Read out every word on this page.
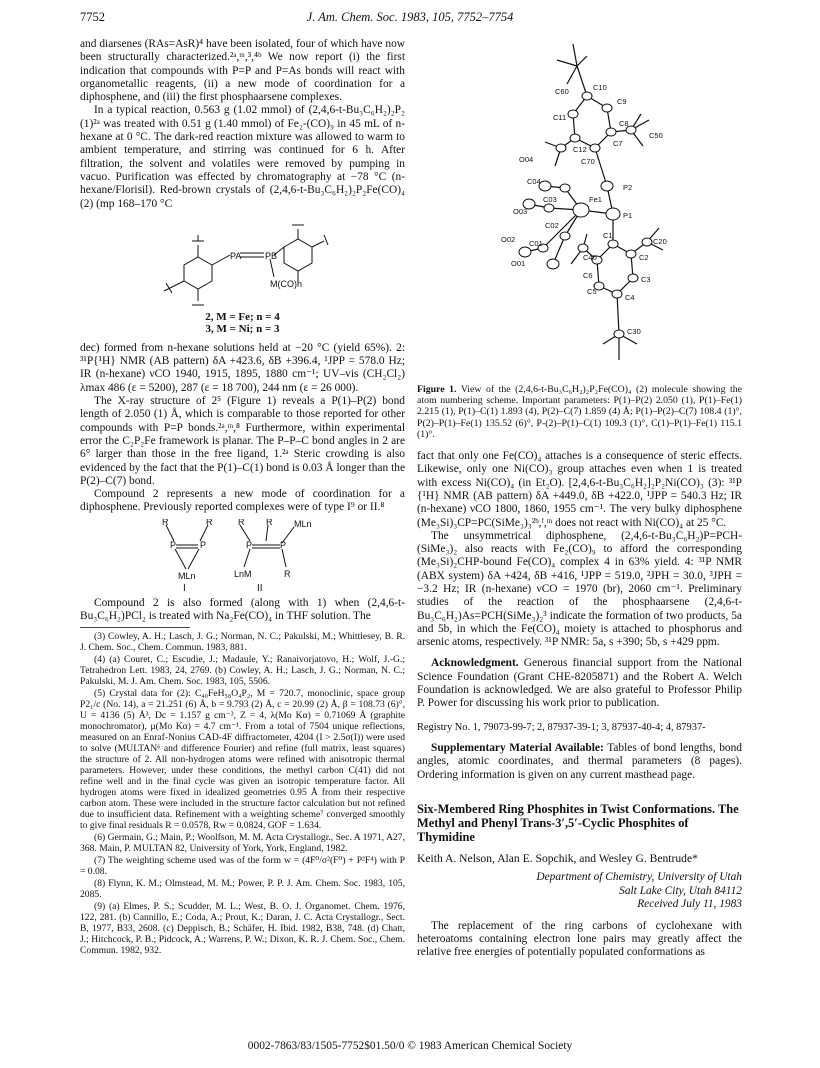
7752	J. Am. Chem. Soc. 1983, 105, 7752–7754

and diarsenes (RAs=AsR)⁴ have been isolated, four of which have now been structurally characterized.²ᵃ,ᵐ,³,⁴ᵇ We now report (i) the first indication that compounds with P=P and P=As bonds will react with organometallic reagents, (ii) a new mode of coordination for a diphosphene, and (iii) the first phosphaarsene complexes.

In a typical reaction, 0.563 g (1.02 mmol) of (2,4,6-t-Bu₃C₆H₂)₂P₂ (1)²ᵃ was treated with 0.51 g (1.40 mmol) of Fe₂-(CO)₉ in 45 mL of n-hexane at 0 °C. The dark-red reaction mixture was allowed to warm to ambient temperature, and stirring was continued for 6 h. After filtration, the solvent and volatiles were removed by pumping in vacuo. Purification was effected by chromatography at −78 °C (n-hexane/Florisil). Red-brown crystals of (2,4,6-t-Bu₃C₆H₂)₂P₂Fe(CO)₄ (2) (mp 168–170 °C

PA	PB
M(CO)n
2, M = Fe; n = 4
3, M = Ni; n = 3

dec) formed from n-hexane solutions held at −20 °C (yield 65%). 2: ³¹P{¹H} NMR (AB pattern) δA +423.6, δB +396.4, ¹JPP = 578.0 Hz; IR (n-hexane) νCO 1940, 1915, 1895, 1880 cm⁻¹; UV–vis (CH₂Cl₂) λmax 486 (ε = 5200), 287 (ε = 18 700), 244 nm (ε = 26 000).

The X-ray structure of 2⁵ (Figure 1) reveals a P(1)–P(2) bond length of 2.050 (1) Å, which is comparable to those reported for other compounds with P=P bonds.²ᵃ,ᵐ,⁸ Furthermore, within experimental error the C₂P₂Fe framework is planar. The P–P–C bond angles in 2 are 6° larger than those in the free ligand, 1.²ᵃ Steric crowding is also evidenced by the fact that the P(1)–C(1) bond is 0.03 Å longer than the P(2)–C(7) bond.

Compound 2 represents a new mode of coordination for a diphosphene. Previously reported complexes were of type I⁹ or II.⁸

R	R
P	P
MLn
R R
P	P
MLn
LnM	R
I	II

Compound 2 is also formed (along with 1) when (2,4,6-t-Bu₃C₆H₂)PCl₂ is treated with Na₂Fe(CO)₄ in THF solution. The

(3) Cowley, A. H.; Lasch, J. G.; Norman, N. C.; Pakulski, M.; Whittlesey, B. R. J. Chem. Soc., Chem. Commun. 1983, 881.

(4) (a) Couret, C.; Escudie, J.; Madaule, Y.; Ranaivorjatovo, H.; Wolf, J.-G.; Tetrahedron Lett. 1983, 24, 2769. (b) Cowley, A. H.; Lasch, J. G.; Norman, N. C.; Pakulski, M. J. Am. Chem. Soc. 1983, 105, 5506.

(5) Crystal data for (2): C₄₀FeH₅₈O₄P₂, M = 720.7, monoclinic, space group P2₁/c (No. 14), a = 21.251 (6) Å, b = 9.793 (2) Å, c = 20.99 (2) Å, β = 108.73 (6)°, U = 4136 (5) Å³, Dc = 1.157 g cm⁻³, Z = 4, λ(Mo Kα) = 0.71069 Å (graphite monochromator), μ(Mo Kα) = 4.7 cm⁻¹. From a total of 7504 unique reflections, measured on an Enraf-Nonius CAD-4F diffractometer, 4204 (I > 2.5σ(I)) were used to solve (MULTAN⁶ and difference Fourier) and refine (full matrix, least squares) the structure of 2. All non-hydrogen atoms were refined with anisotropic thermal parameters. However, under these conditions, the methyl carbon C(41) did not refine well and in the final cycle was given an isotropic temperature factor. All hydrogen atoms were fixed in idealized geometries 0.95 Å from their respective carbon atom. These were included in the structure factor calculation but not refined due to insufficient data. Refinement with a weighting scheme⁷ converged smoothly to give final residuals R = 0.0578, Rw = 0.0824, GOF = 1.634.

(6) Germain, G.; Main, P.; Woolfson, M. M. Acta Crystallogr., Sec. A 1971, A27, 368. Main, P. MULTAN 82, University of York, York, England, 1982.

(7) The weighting scheme used was of the form w = (4F⁰/σ²(F⁰) + P²F⁴) with P = 0.08.

(8) Flynn, K. M.; Olmstead, M. M.; Power, P. P. J. Am. Chem. Soc. 1983, 105, 2085.

(9) (a) Elmes, P. S.; Scudder, M. L.; West, B. O. J. Organomet. Chem. 1976, 122, 281. (b) Cannillo, E.; Coda, A.; Prout, K.; Daran, J. C. Acta Crystallogr., Sect. B, 1977, B33, 2608. (c) Deppisch, B.; Schäfer, H. Ibid. 1982, B38, 748. (d) Chatt, J.; Hitchcock, P. B.; Pidcock, A.; Warrens, P. W.; Dixon, K. R. J. Chem. Soc., Chem. Commun. 1982, 932.

C10
C60
C9
C8
C11
C50
C12
C7
O04	C70
C04
P2
C03	Fe1
O03	P1
C02
O02	C1
C20
C01
C40	C2
O01
C6	C3
C5
C4
C30

Figure 1. View of the (2,4,6-t-Bu₃C₆H₂)₂P₂Fe(CO)₄ (2) molecule showing the atom numbering scheme. Important parameters: P(1)–P(2) 2.050 (1), P(1)–Fe(1) 2.215 (1), P(1)–C(1) 1.893 (4), P(2)–C(7) 1.859 (4) Å; P(1)–P(2)–C(7) 108.4 (1)°, P(2)–P(1)–Fe(1) 135.52 (6)°, P-(2)–P(1)–C(1) 109.3 (1)°, C(1)–P(1)–Fe(1) 115.1 (1)°.

fact that only one Fe(CO)₄ attaches is a consequence of steric effects. Likewise, only one Ni(CO)₃ group attaches even when 1 is treated with excess Ni(CO)₄ (in Et₂O). [2,4,6-t-Bu₃C₆H₂]₂P₂Ni(CO)₃ (3): ³¹P {¹H} NMR (AB pattern) δA +449.0, δB +422.0, ¹JPP = 540.3 Hz; IR (n-hexane) νCO 1800, 1860, 1955 cm⁻¹. The very bulky diphosphene (Me₃Si)₃CP=PC(SiMe₃)₃²ᵇ,ᶠ,ᵐ does not react with Ni(CO)₄ at 25 °C.

The unsymmetrical diphosphene, (2,4,6-t-Bu₃C₆H₂)P=PCH-(SiMe₃)₂ also reacts with Fe₂(CO)₉ to afford the corresponding (Me₃Si)₂CHP-bound Fe(CO)₄ complex 4 in 63% yield. 4: ³¹P NMR (ABX system) δA +424, δB +416, ¹JPP = 519.0, ²JPH = 30.0, ³JPH = −3.2 Hz; IR (n-hexane) νCO = 1970 (br), 2060 cm⁻¹. Preliminary studies of the reaction of the phosphaarsene (2,4,6-t-Bu₃C₆H₂)As=PCH(SiMe₃)₂³ indicate the formation of two products, 5a and 5b, in which the Fe(CO)₄ moiety is attached to phosphorus and arsenic atoms, respectively. ³¹P NMR: 5a, s +390; 5b, s +429 ppm.

Acknowledgment. Generous financial support from the National Science Foundation (Grant CHE-8205871) and the Robert A. Welch Foundation is acknowledged. We are also grateful to Professor Philip P. Power for discussing his work prior to publication.

Registry No. 1, 79073-99-7; 2, 87937-39-1; 3, 87937-40-4; 4, 87937-

Supplementary Material Available: Tables of bond lengths, bond angles, atomic coordinates, and thermal parameters (8 pages). Ordering information is given on any current masthead page.

Six-Membered Ring Phosphites in Twist Conformations. The Methyl and Phenyl Trans-3′,5′-Cyclic Phosphites of Thymidine

Keith A. Nelson, Alan E. Sopchik, and Wesley G. Bentrude*

Department of Chemistry, University of Utah
Salt Lake City, Utah 84112
Received July 11, 1983

The replacement of the ring carbons of cyclohexane with heteroatoms containing electron lone pairs may greatly affect the relative free energies of potentially populated conformations as

0002-7863/83/1505-7752$01.50/0 © 1983 American Chemical Society
